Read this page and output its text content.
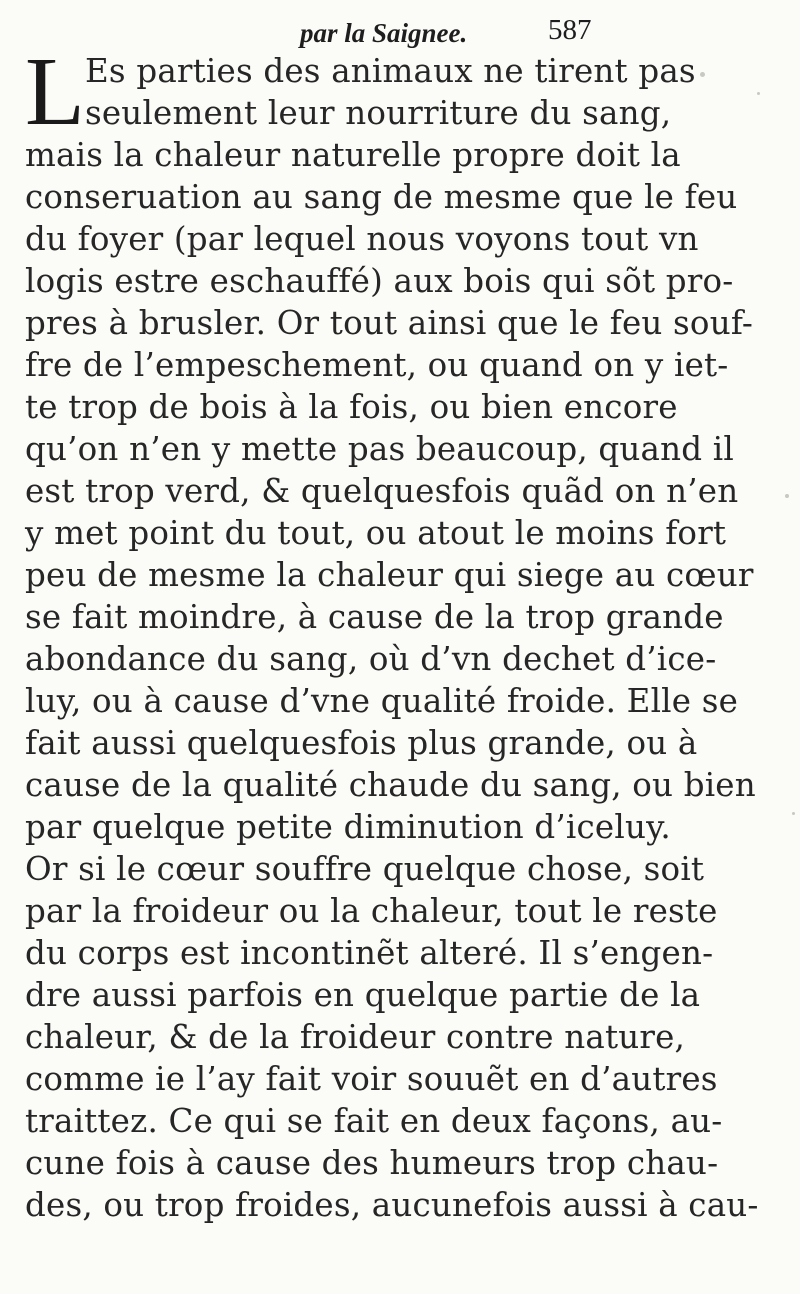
par la Saignee.	587
L Es parties des animaux ne tirent pas
seulement leur nourriture du sang,
mais la chaleur naturelle propre doit la
conseruation au sang de mesme que le feu
du foyer (par lequel nous voyons tout vn
logis estre eschauffé) aux bois qui sõt pro-
pres à brusler. Or tout ainsi que le feu souf-
fre de l’empeschement, ou quand on y iet-
te trop de bois à la fois, ou bien encore
qu’on n’en y mette pas beaucoup, quand il
est trop verd, & quelquesfois quãd on n’en
y met point du tout, ou atout le moins fort
peu de mesme la chaleur qui siege au cœur
se fait moindre, à cause de la trop grande
abondance du sang, où d’vn dechet d’ice-
luy, ou à cause d’vne qualité froide. Elle se
fait aussi quelquesfois plus grande, ou à
cause de la qualité chaude du sang, ou bien
par quelque petite diminution d’iceluy.
Or si le cœur souffre quelque chose, soit
par la froideur ou la chaleur, tout le reste
du corps est incontinẽt alteré. Il s’engen-
dre aussi parfois en quelque partie de la
chaleur, & de la froideur contre nature,
comme ie l’ay fait voir souuẽt en d’autres
traittez. Ce qui se fait en deux façons, au-
cune fois à cause des humeurs trop chau-
des, ou trop froides, aucunefois aussi à cau-
